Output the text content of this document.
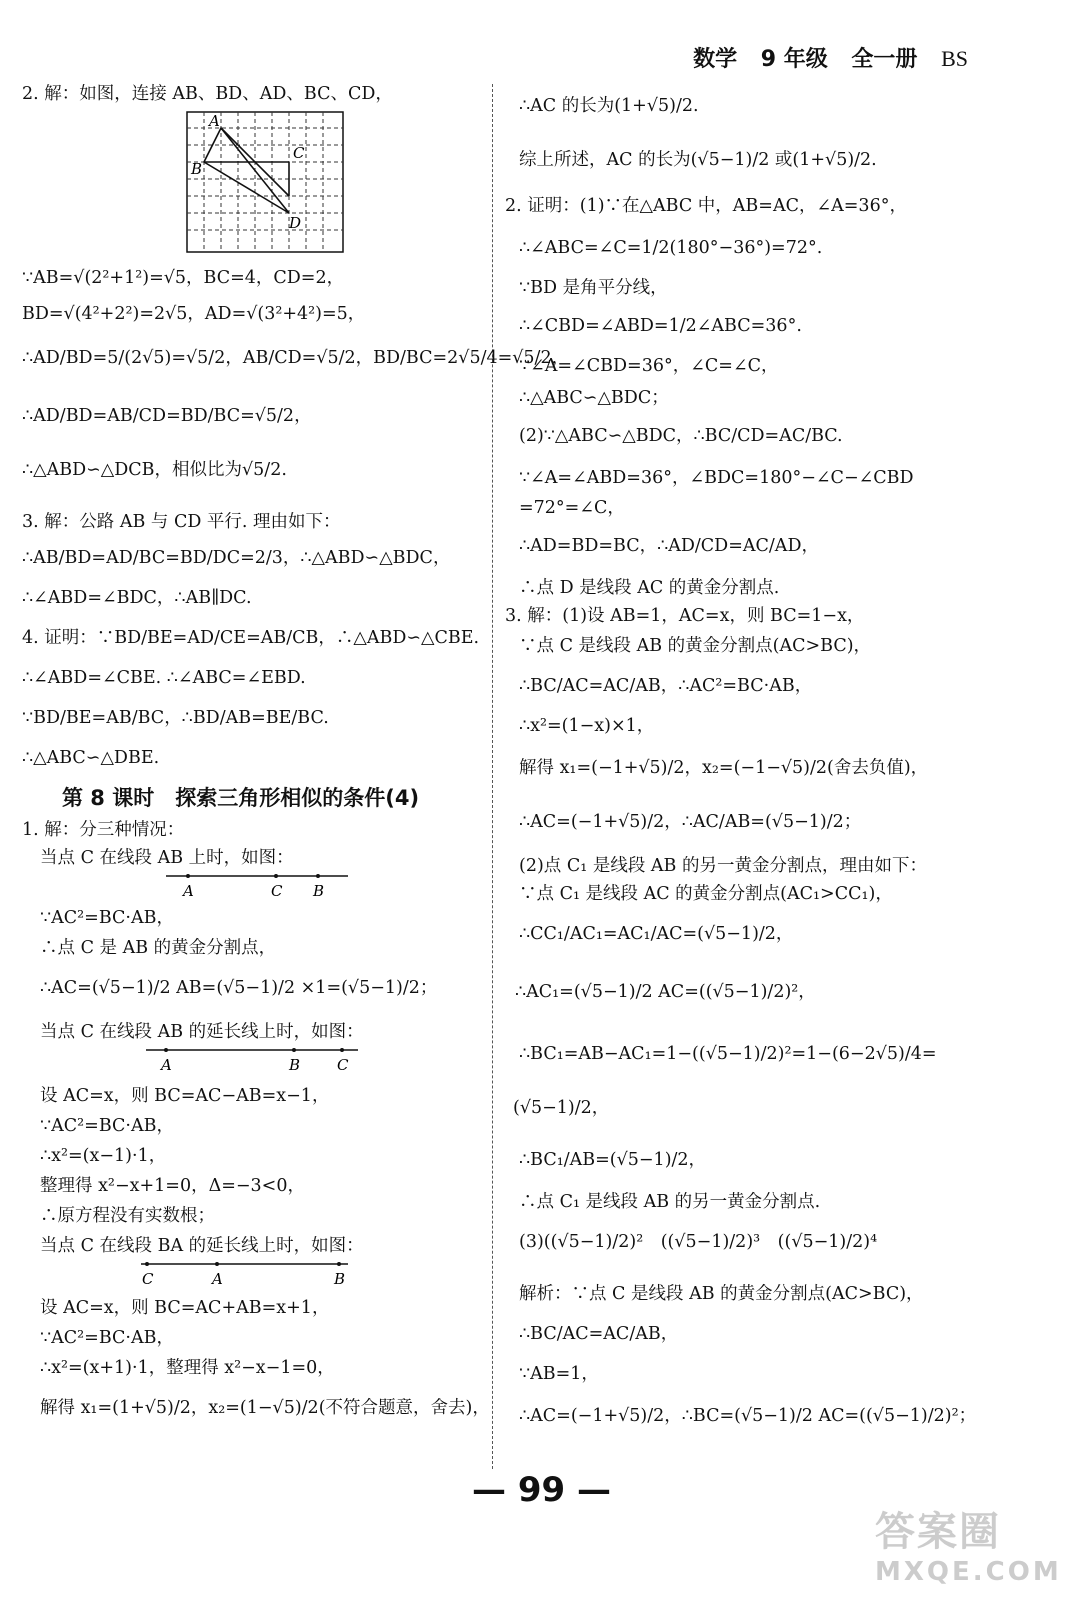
数学 9 年级 全一册 BS
2. 解：如图，连接 AB、BD、AD、BC、CD，
A
B
C
D
∵AB=√(2²+1²)=√5，BC=4，CD=2，
BD=√(4²+2²)=2√5，AD=√(3²+4²)=5，
∴AD/BD=5/(2√5)=√5/2，AB/CD=√5/2，BD/BC=2√5/4=√5/2，
∴AD/BD=AB/CD=BD/BC=√5/2，
∴△ABD∽△DCB，相似比为√5/2.
3. 解：公路 AB 与 CD 平行. 理由如下：
∴AB/BD=AD/BC=BD/DC=2/3，∴△ABD∽△BDC，
∴∠ABD=∠BDC，∴AB∥DC.
4. 证明：∵BD/BE=AD/CE=AB/CB，∴△ABD∽△CBE.
∴∠ABD=∠CBE. ∴∠ABC=∠EBD.
∵BD/BE=AB/BC，∴BD/AB=BE/BC.
∴△ABC∽△DBE.
第 8 课时　探索三角形相似的条件(4)
1. 解：分三种情况：
当点 C 在线段 AB 上时，如图：
A	C B
∵AC²=BC·AB，
∴点 C 是 AB 的黄金分割点，
∴AC=(√5−1)/2 AB=(√5−1)/2 ×1=(√5−1)/2；
当点 C 在线段 AB 的延长线上时，如图：
A	B C
设 AC=x，则 BC=AC−AB=x−1，
∵AC²=BC·AB，
∴x²=(x−1)·1，
整理得 x²−x+1=0，Δ=−3<0，
∴原方程没有实数根；
当点 C 在线段 BA 的延长线上时，如图：
C	A	B
设 AC=x，则 BC=AC+AB=x+1，
∵AC²=BC·AB，
∴x²=(x+1)·1，整理得 x²−x−1=0，
解得 x₁=(1+√5)/2，x₂=(1−√5)/2(不符合题意，舍去)，
∴AC 的长为(1+√5)/2.
综上所述，AC 的长为(√5−1)/2 或(1+√5)/2.
2. 证明：(1)∵在△ABC 中，AB=AC，∠A=36°，
∴∠ABC=∠C=1/2(180°−36°)=72°.
∵BD 是角平分线，
∴∠CBD=∠ABD=1/2∠ABC=36°.
∵∠A=∠CBD=36°，∠C=∠C，
∴△ABC∽△BDC；
(2)∵△ABC∽△BDC，∴BC/CD=AC/BC.
∵∠A=∠ABD=36°，∠BDC=180°−∠C−∠CBD
=72°=∠C，
∴AD=BD=BC，∴AD/CD=AC/AD，
∴点 D 是线段 AC 的黄金分割点.
3. 解：(1)设 AB=1，AC=x，则 BC=1−x，
∵点 C 是线段 AB 的黄金分割点(AC>BC)，
∴BC/AC=AC/AB，∴AC²=BC·AB，
∴x²=(1−x)×1，
解得 x₁=(−1+√5)/2，x₂=(−1−√5)/2(舍去负值)，
∴AC=(−1+√5)/2，∴AC/AB=(√5−1)/2；
(2)点 C₁ 是线段 AB 的另一黄金分割点，理由如下：
∵点 C₁ 是线段 AC 的黄金分割点(AC₁>CC₁)，
∴CC₁/AC₁=AC₁/AC=(√5−1)/2，
∴AC₁=(√5−1)/2 AC=((√5−1)/2)²，
∴BC₁=AB−AC₁=1−((√5−1)/2)²=1−(6−2√5)/4=
(√5−1)/2，
∴BC₁/AB=(√5−1)/2，
∴点 C₁ 是线段 AB 的另一黄金分割点.
(3)((√5−1)/2)²　((√5−1)/2)³　((√5−1)/2)⁴
解析：∵点 C 是线段 AB 的黄金分割点(AC>BC)，
∴BC/AC=AC/AB，
∵AB=1，
∴AC=(−1+√5)/2，∴BC=(√5−1)/2 AC=((√5−1)/2)²；
— 99 —
答案圈
MXQE.COM
